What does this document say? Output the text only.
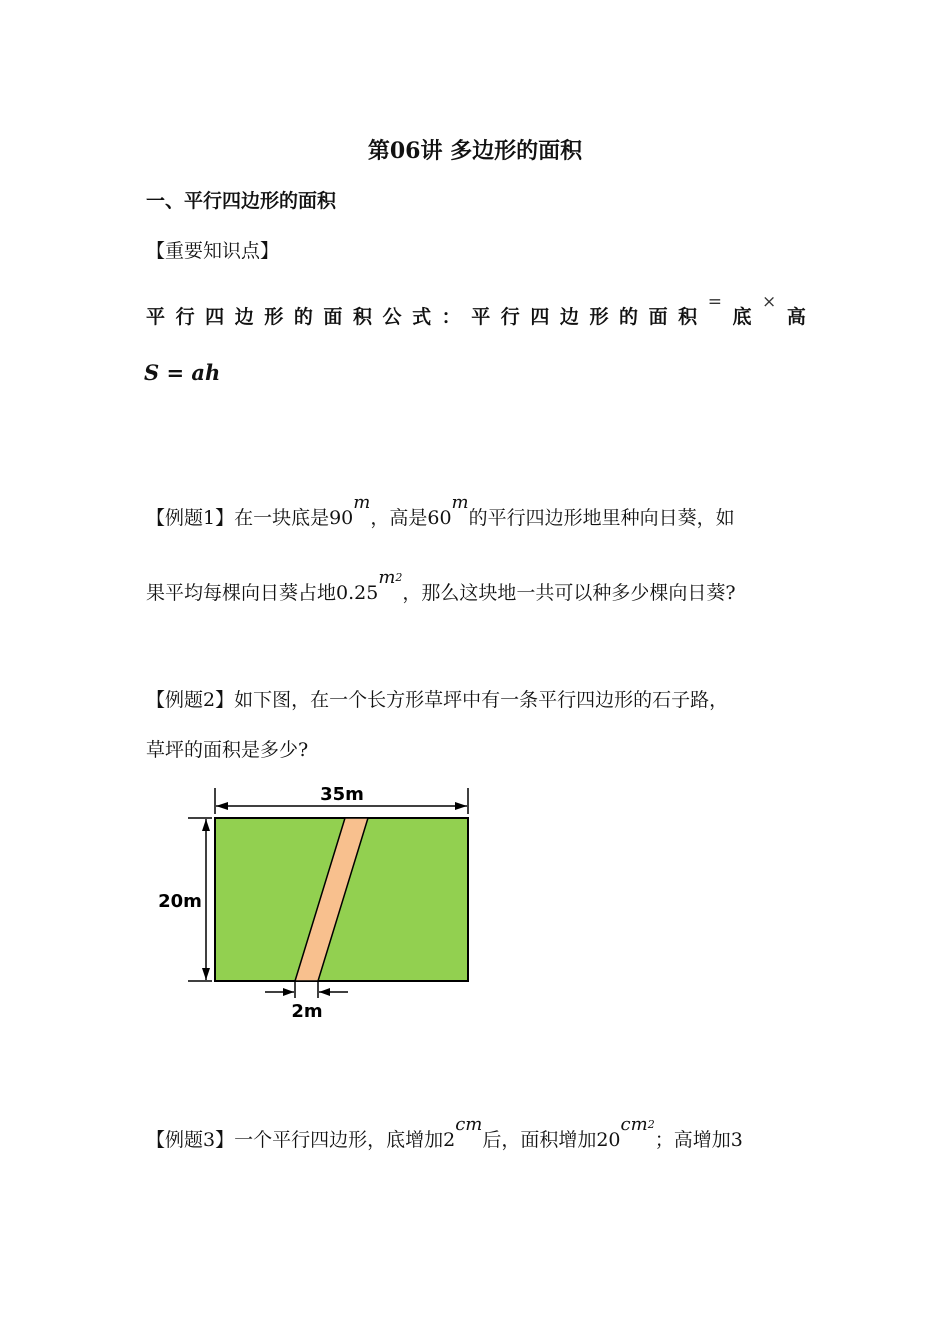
第06讲 多边形的面积
一、平行四边形的面积
【重要知识点】
平 行 四 边 形 的 面 积 公 式 ： 平 行 四 边 形 的 面 积
=
底
×
高
S = ah
【例题1】在一块底是90m，高是60m的平行四边形地里种向日葵，如
果平均每棵向日葵占地0.25m2，那么这块地一共可以种多少棵向日葵?
【例题2】如下图，在一个长方形草坪中有一条平行四边形的石子路，
草坪的面积是多少?
35m
20m
2m
【例题3】一个平行四边形，底增加2cm后，面积增加20cm2；高增加3
